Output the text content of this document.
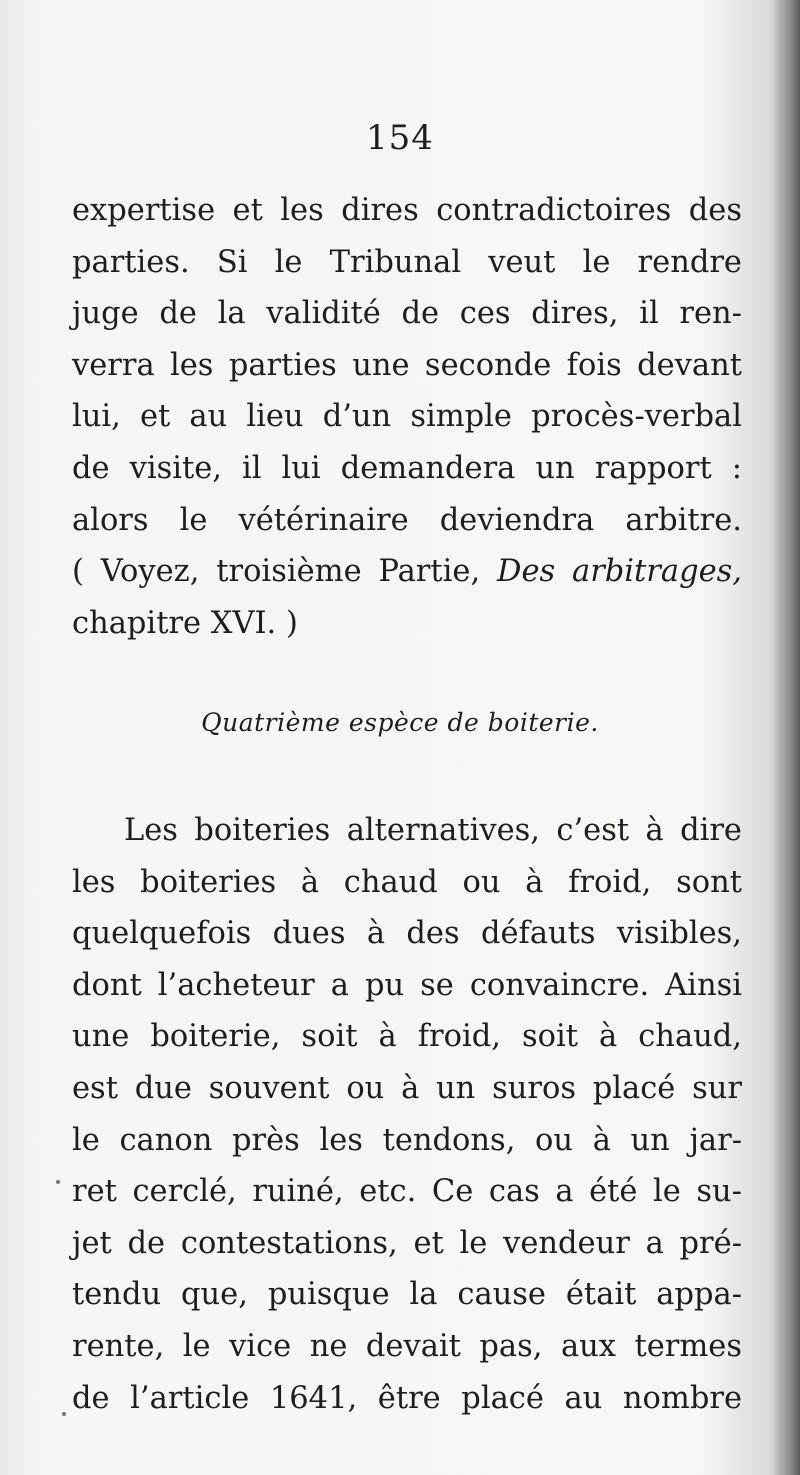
154
expertise et les dires contradictoires des
parties. Si le Tribunal veut le rendre
juge de la validité de ces dires, il ren-
verra les parties une seconde fois devant
lui, et au lieu d’un simple procès-verbal
de visite, il lui demandera un rapport :
alors le vétérinaire deviendra arbitre.
( Voyez, troisième Partie, Des arbitrages,
chapitre XVI. )
Quatrième espèce de boiterie.
Les boiteries alternatives, c’est à dire
les boiteries à chaud ou à froid, sont
quelquefois dues à des défauts visibles,
dont l’acheteur a pu se convaincre. Ainsi
une boiterie, soit à froid, soit à chaud,
est due souvent ou à un suros placé sur
le canon près les tendons, ou à un jar-
ret cerclé, ruiné, etc. Ce cas a été le su-
jet de contestations, et le vendeur a pré-
tendu que, puisque la cause était appa-
rente, le vice ne devait pas, aux termes
de l’article 1641, être placé au nombre
